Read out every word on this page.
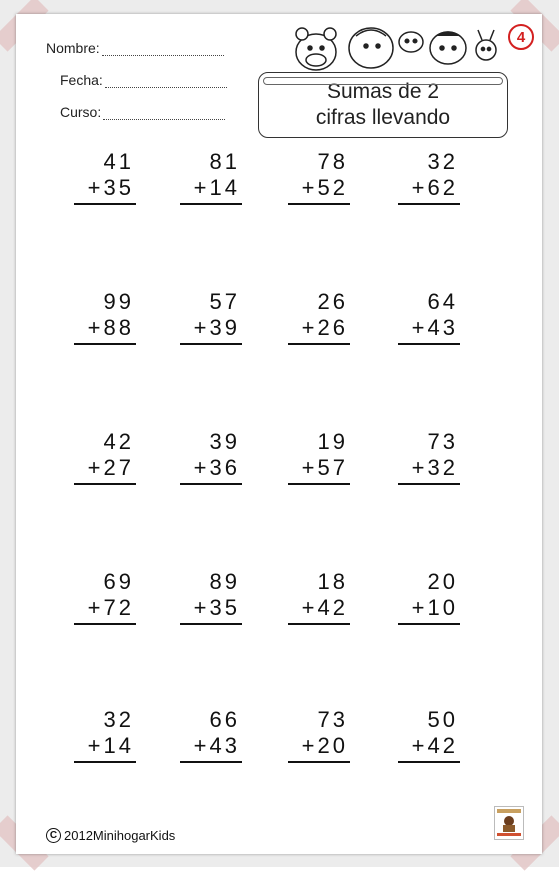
Nombre:
Fecha:
Curso:
4
Sumas de 2
cifras llevando
41
+35
81
+14
78
+52
32
+62
99
+88
57
+39
26
+26
64
+43
42
+27
39
+36
19
+57
73
+32
69
+72
89
+35
18
+42
20
+10
32
+14
66
+43
73
+20
50
+42
C 2012MinihogarKids
